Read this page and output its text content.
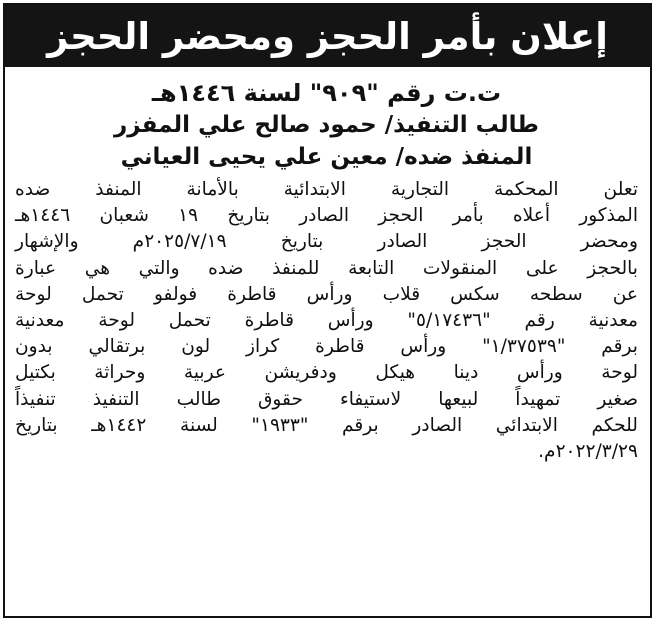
إعلان بأمر الحجز ومحضر الحجز

ت.ت رقم "٩٠٩" لسنة ١٤٤٦هـ

طالب التنفيذ/ حمود صالح علي المفزر

المنفذ ضده/ معين علي يحيى العياني

تعلن المحكمة التجارية الابتدائية بالأمانة المنفذ ضده
المذكور أعلاه بأمر الحجز الصادر بتاريخ ١٩ شعبان ١٤٤٦هـ
ومحضر الحجز الصادر بتاريخ ٢٠٢٥/٧/١٩م والإشهار
بالحجز على المنقولات التابعة للمنفذ ضده والتي هي عبارة
عن سطحه سكس قلاب ورأس قاطرة فولفو تحمل لوحة
معدنية رقم "٥/١٧٤٣٦" ورأس قاطرة تحمل لوحة معدنية
برقم "١/٣٧٥٣٩" ورأس قاطرة كراز لون برتقالي بدون
لوحة ورأس دينا هيكل ودفريشن عربية وحراثة بكتيل
صغير تمهيداً لبيعها لاستيفاء حقوق طالب التنفيذ تنفيذاً
للحكم الابتدائي الصادر برقم "١٩٣٣" لسنة ١٤٤٢هـ بتاريخ
٢٠٢٢/٣/٢٩م.
